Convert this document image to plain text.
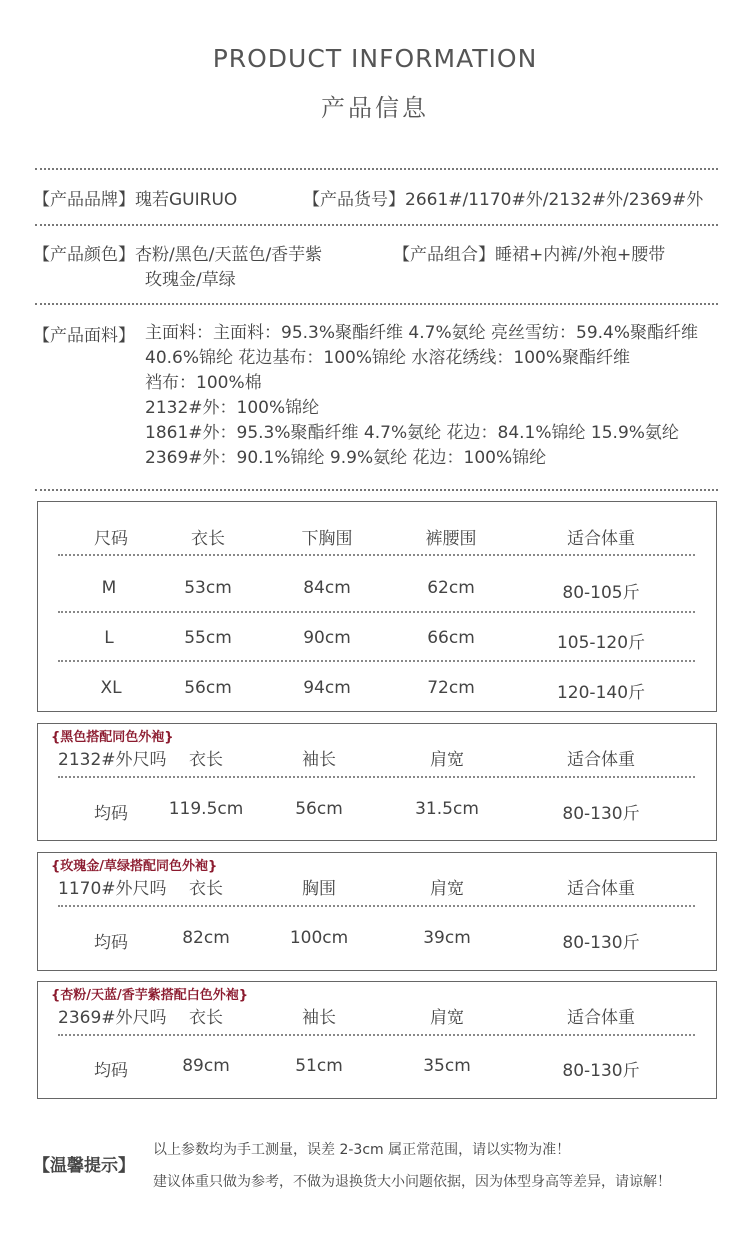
PRODUCT INFORMATION
产品信息
【产品品牌】瑰若GUIRUO	【产品货号】2661#/1170#外/2132#外/2369#外
【产品颜色】杏粉/黑色/天蓝色/香芋紫
玫瑰金/草绿
【产品组合】睡裙+内裤/外袍+腰带
【产品面料】 主面料：主面料：95.3%聚酯纤维 4.7%氨纶 亮丝雪纺：59.4%聚酯纤维
40.6%锦纶 花边基布：100%锦纶 水溶花绣线：100%聚酯纤维
裆布：100%棉
2132#外：100%锦纶
1861#外：95.3%聚酯纤维 4.7%氨纶 花边：84.1%锦纶 15.9%氨纶
2369#外：90.1%锦纶 9.9%氨纶 花边：100%锦纶
尺码	衣长	下胸围	裤腰围	适合体重
M	53cm	84cm	62cm	80-105斤
L	55cm	90cm	66cm	105-120斤
XL	56cm	94cm	72cm	120-140斤
{黑色搭配同色外袍}
2132#外尺吗 衣长	袖长	肩宽	适合体重
均码 119.5cm	56cm	31.5cm	80-130斤
{玫瑰金/草绿搭配同色外袍}
1170#外尺吗 衣长	胸围	肩宽	适合体重
均码	82cm	100cm	39cm	80-130斤
{杏粉/天蓝/香芋紫搭配白色外袍}
2369#外尺吗 衣长	袖长	肩宽	适合体重
均码	89cm	51cm	35cm	80-130斤
【温馨提示】
以上参数均为手工测量，误差 2-3cm 属正常范围，请以实物为准！
建议体重只做为参考，不做为退换货大小问题依据，因为体型身高等差异，请谅解！
